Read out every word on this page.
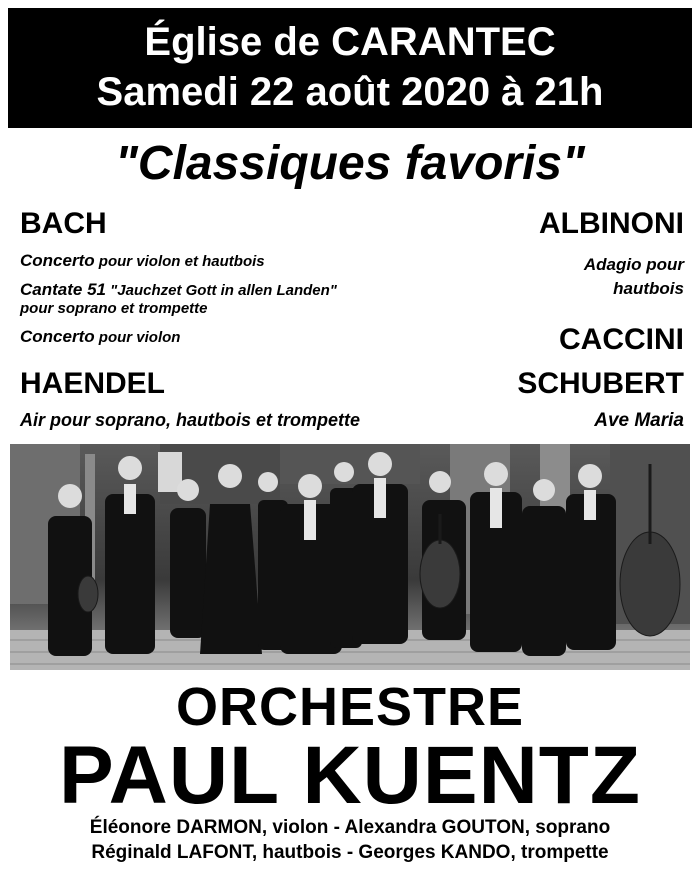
Église de CARANTEC
Samedi 22 août 2020 à 21h
"Classiques favoris"
BACH
Concerto pour violon et hautbois
Cantate 51 "Jauchzet Gott in allen Landen"
pour soprano et trompette
Concerto pour violon
HAENDEL
Air pour soprano, hautbois et trompette
ALBINONI
Adagio pour
hautbois
CACCINI
SCHUBERT
Ave Maria
ORCHESTRE
PAUL KUENTZ
Éléonore DARMON, violon - Alexandra GOUTON, soprano
Réginald LAFONT, hautbois - Georges KANDO, trompette
